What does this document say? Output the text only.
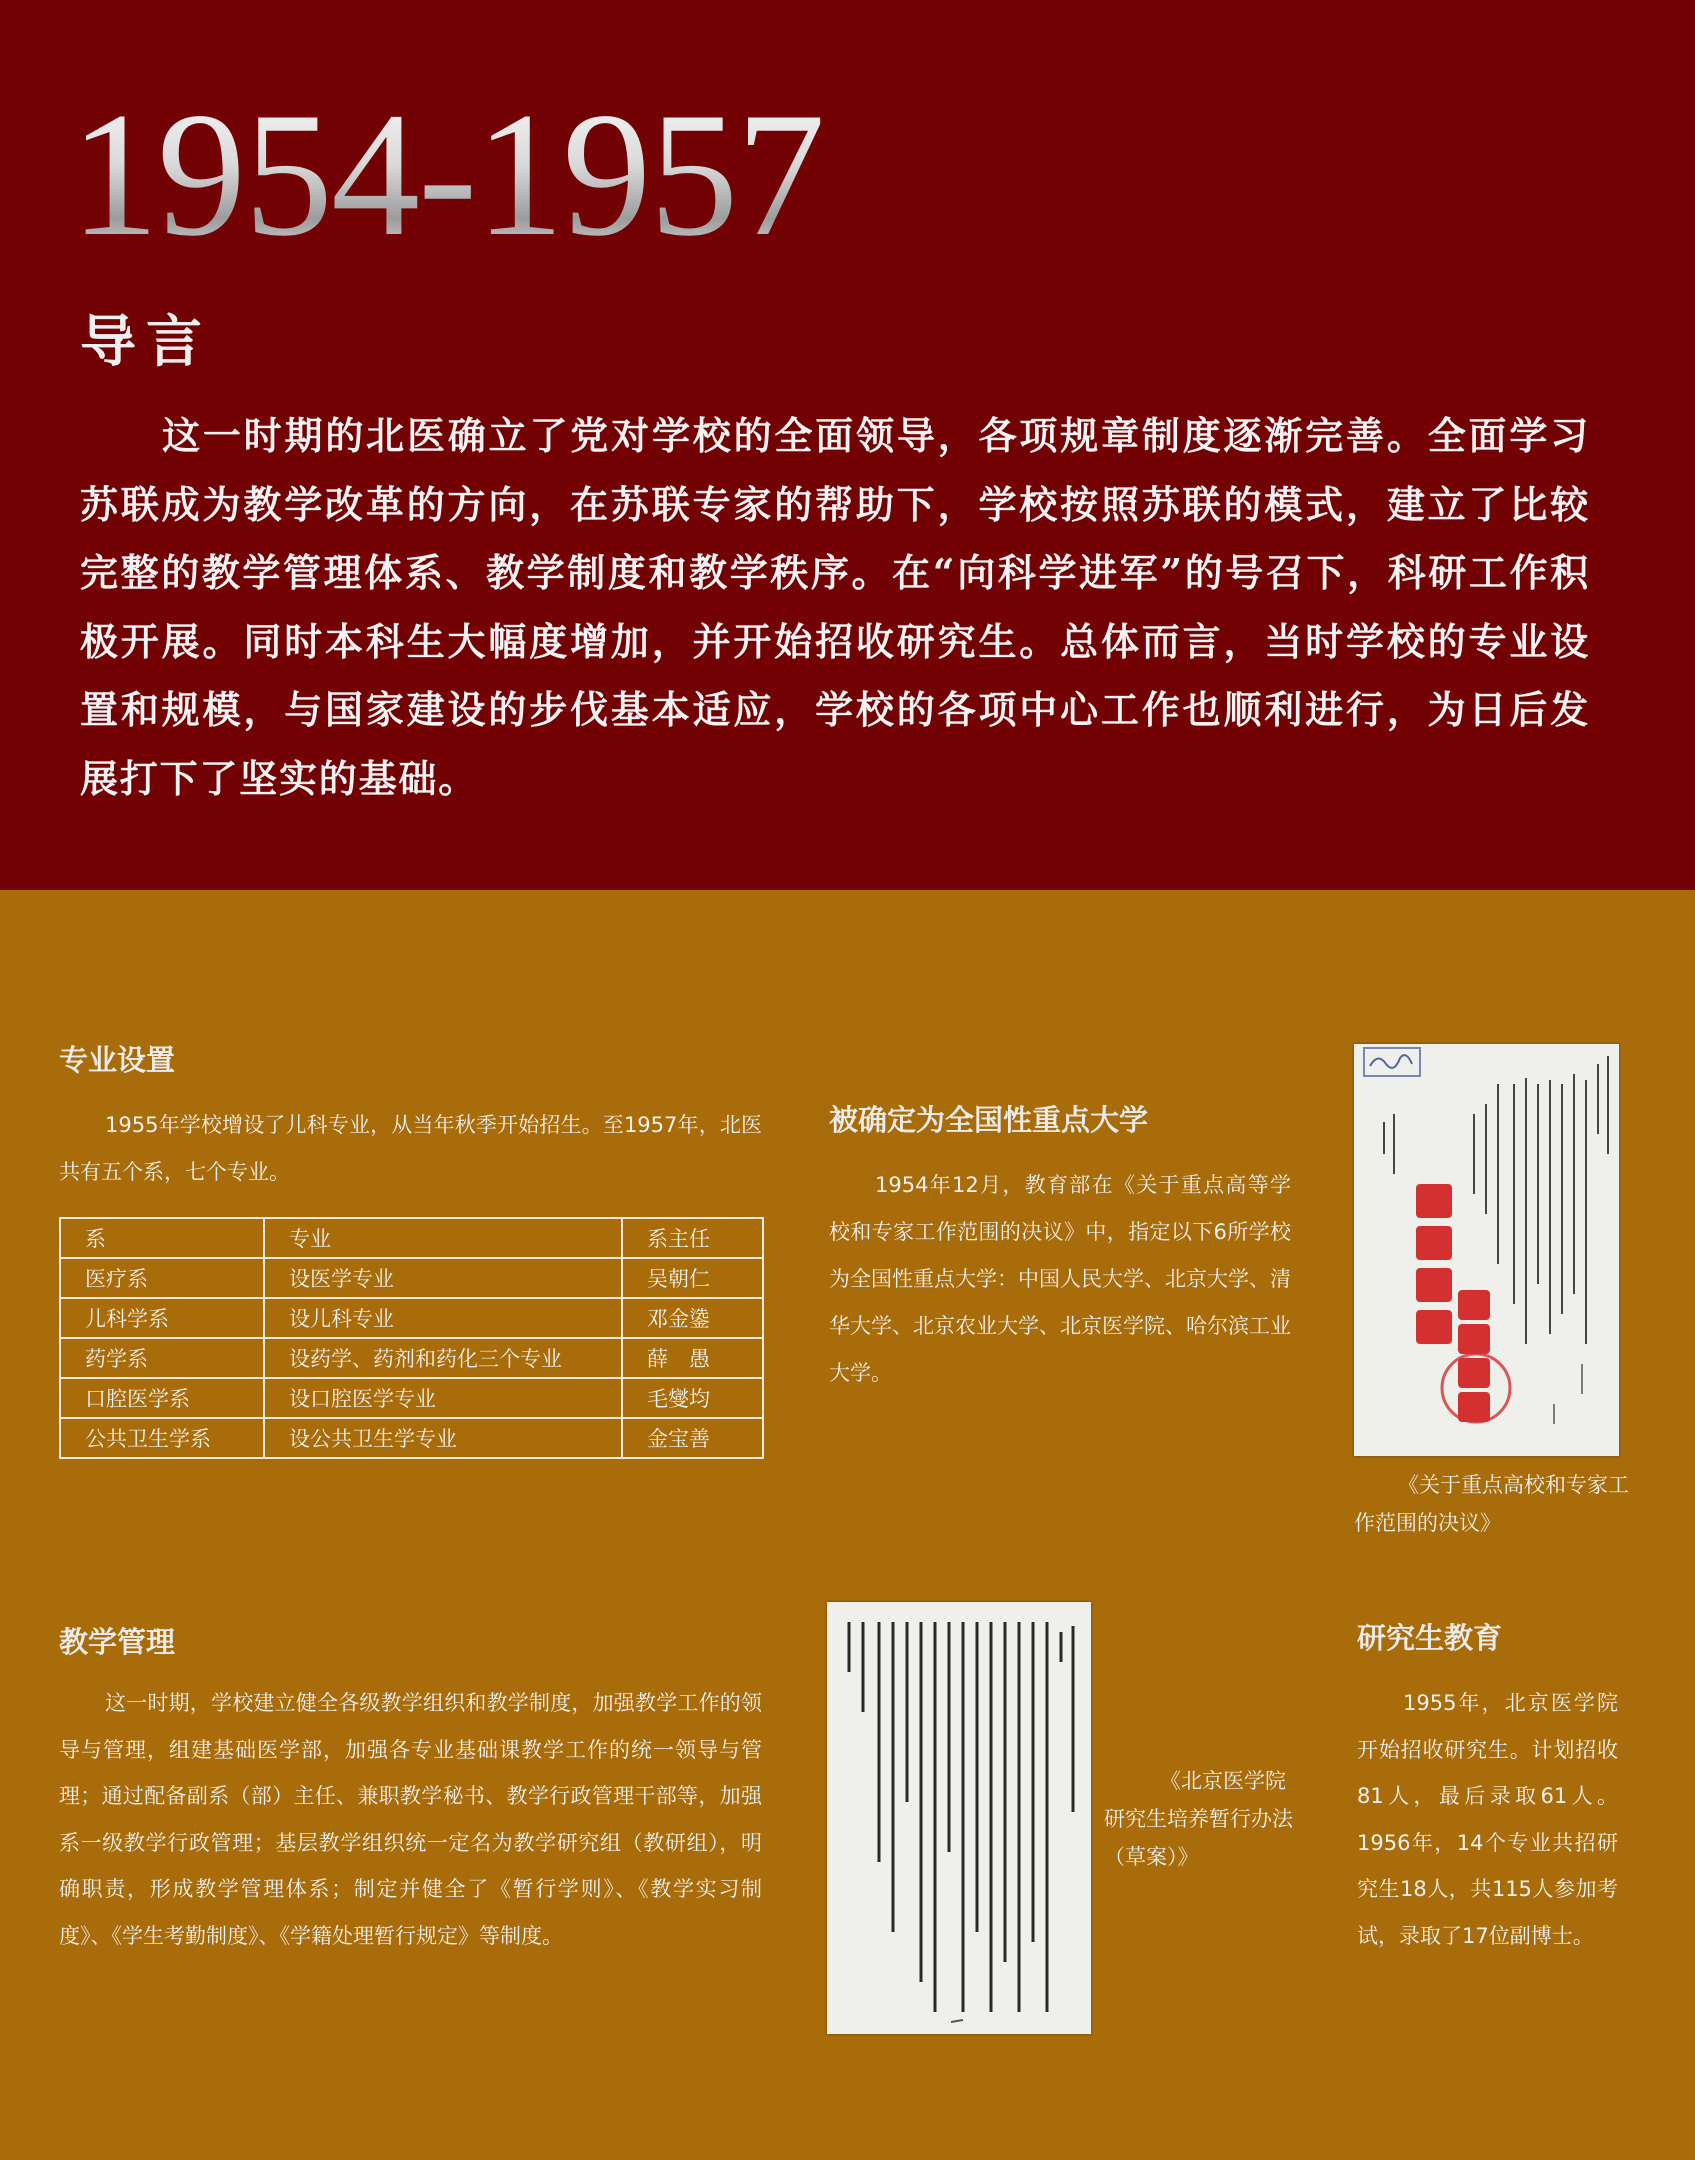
1954-1957
导言

这一时期的北医确立了党对学校的全面领导，各项规章制度逐渐完善。全面学习苏联成为教学改革的方向，在苏联专家的帮助下，学校按照苏联的模式，建立了比较完整的教学管理体系、教学制度和教学秩序。在“向科学进军”的号召下，科研工作积极开展。同时本科生大幅度增加，并开始招收研究生。总体而言，当时学校的专业设置和规模，与国家建设的步伐基本适应，学校的各项中心工作也顺利进行，为日后发展打下了坚实的基础。

专业设置

1955年学校增设了儿科专业，从当年秋季开始招生。至1957年，北医共有五个系，七个专业。

系	专业	系主任
医疗系	设医学专业	吴朝仁
儿科学系	设儿科专业	邓金鍌
药学系	设药学、药剂和药化三个专业	薛　愚
口腔医学系	设口腔医学专业	毛燮均
公共卫生学系	设公共卫生学专业	金宝善
被确定为全国性重点大学

1954年12月，教育部在《关于重点高等学校和专家工作范围的决议》中，指定以下6所学校为全国性重点大学：中国人民大学、北京大学、清华大学、北京农业大学、北京医学院、哈尔滨工业大学。

《关于重点高校和专家工作范围的决议》

教学管理

这一时期，学校建立健全各级教学组织和教学制度，加强教学工作的领导与管理，组建基础医学部，加强各专业基础课教学工作的统一领导与管理；通过配备副系（部）主任、兼职教学秘书、教学行政管理干部等，加强系一级教学行政管理；基层教学组织统一定名为教学研究组（教研组），明确职责，形成教学管理体系；制定并健全了《暂行学则》、《教学实习制度》、《学生考勤制度》、《学籍处理暂行规定》等制度。

《北京医学院研究生培养暂行办法（草案）》

研究生教育

1955年，北京医学院开始招收研究生。计划招收81人，最后录取61人。1956年，14个专业共招研究生18人，共115人参加考试，录取了17位副博士。
